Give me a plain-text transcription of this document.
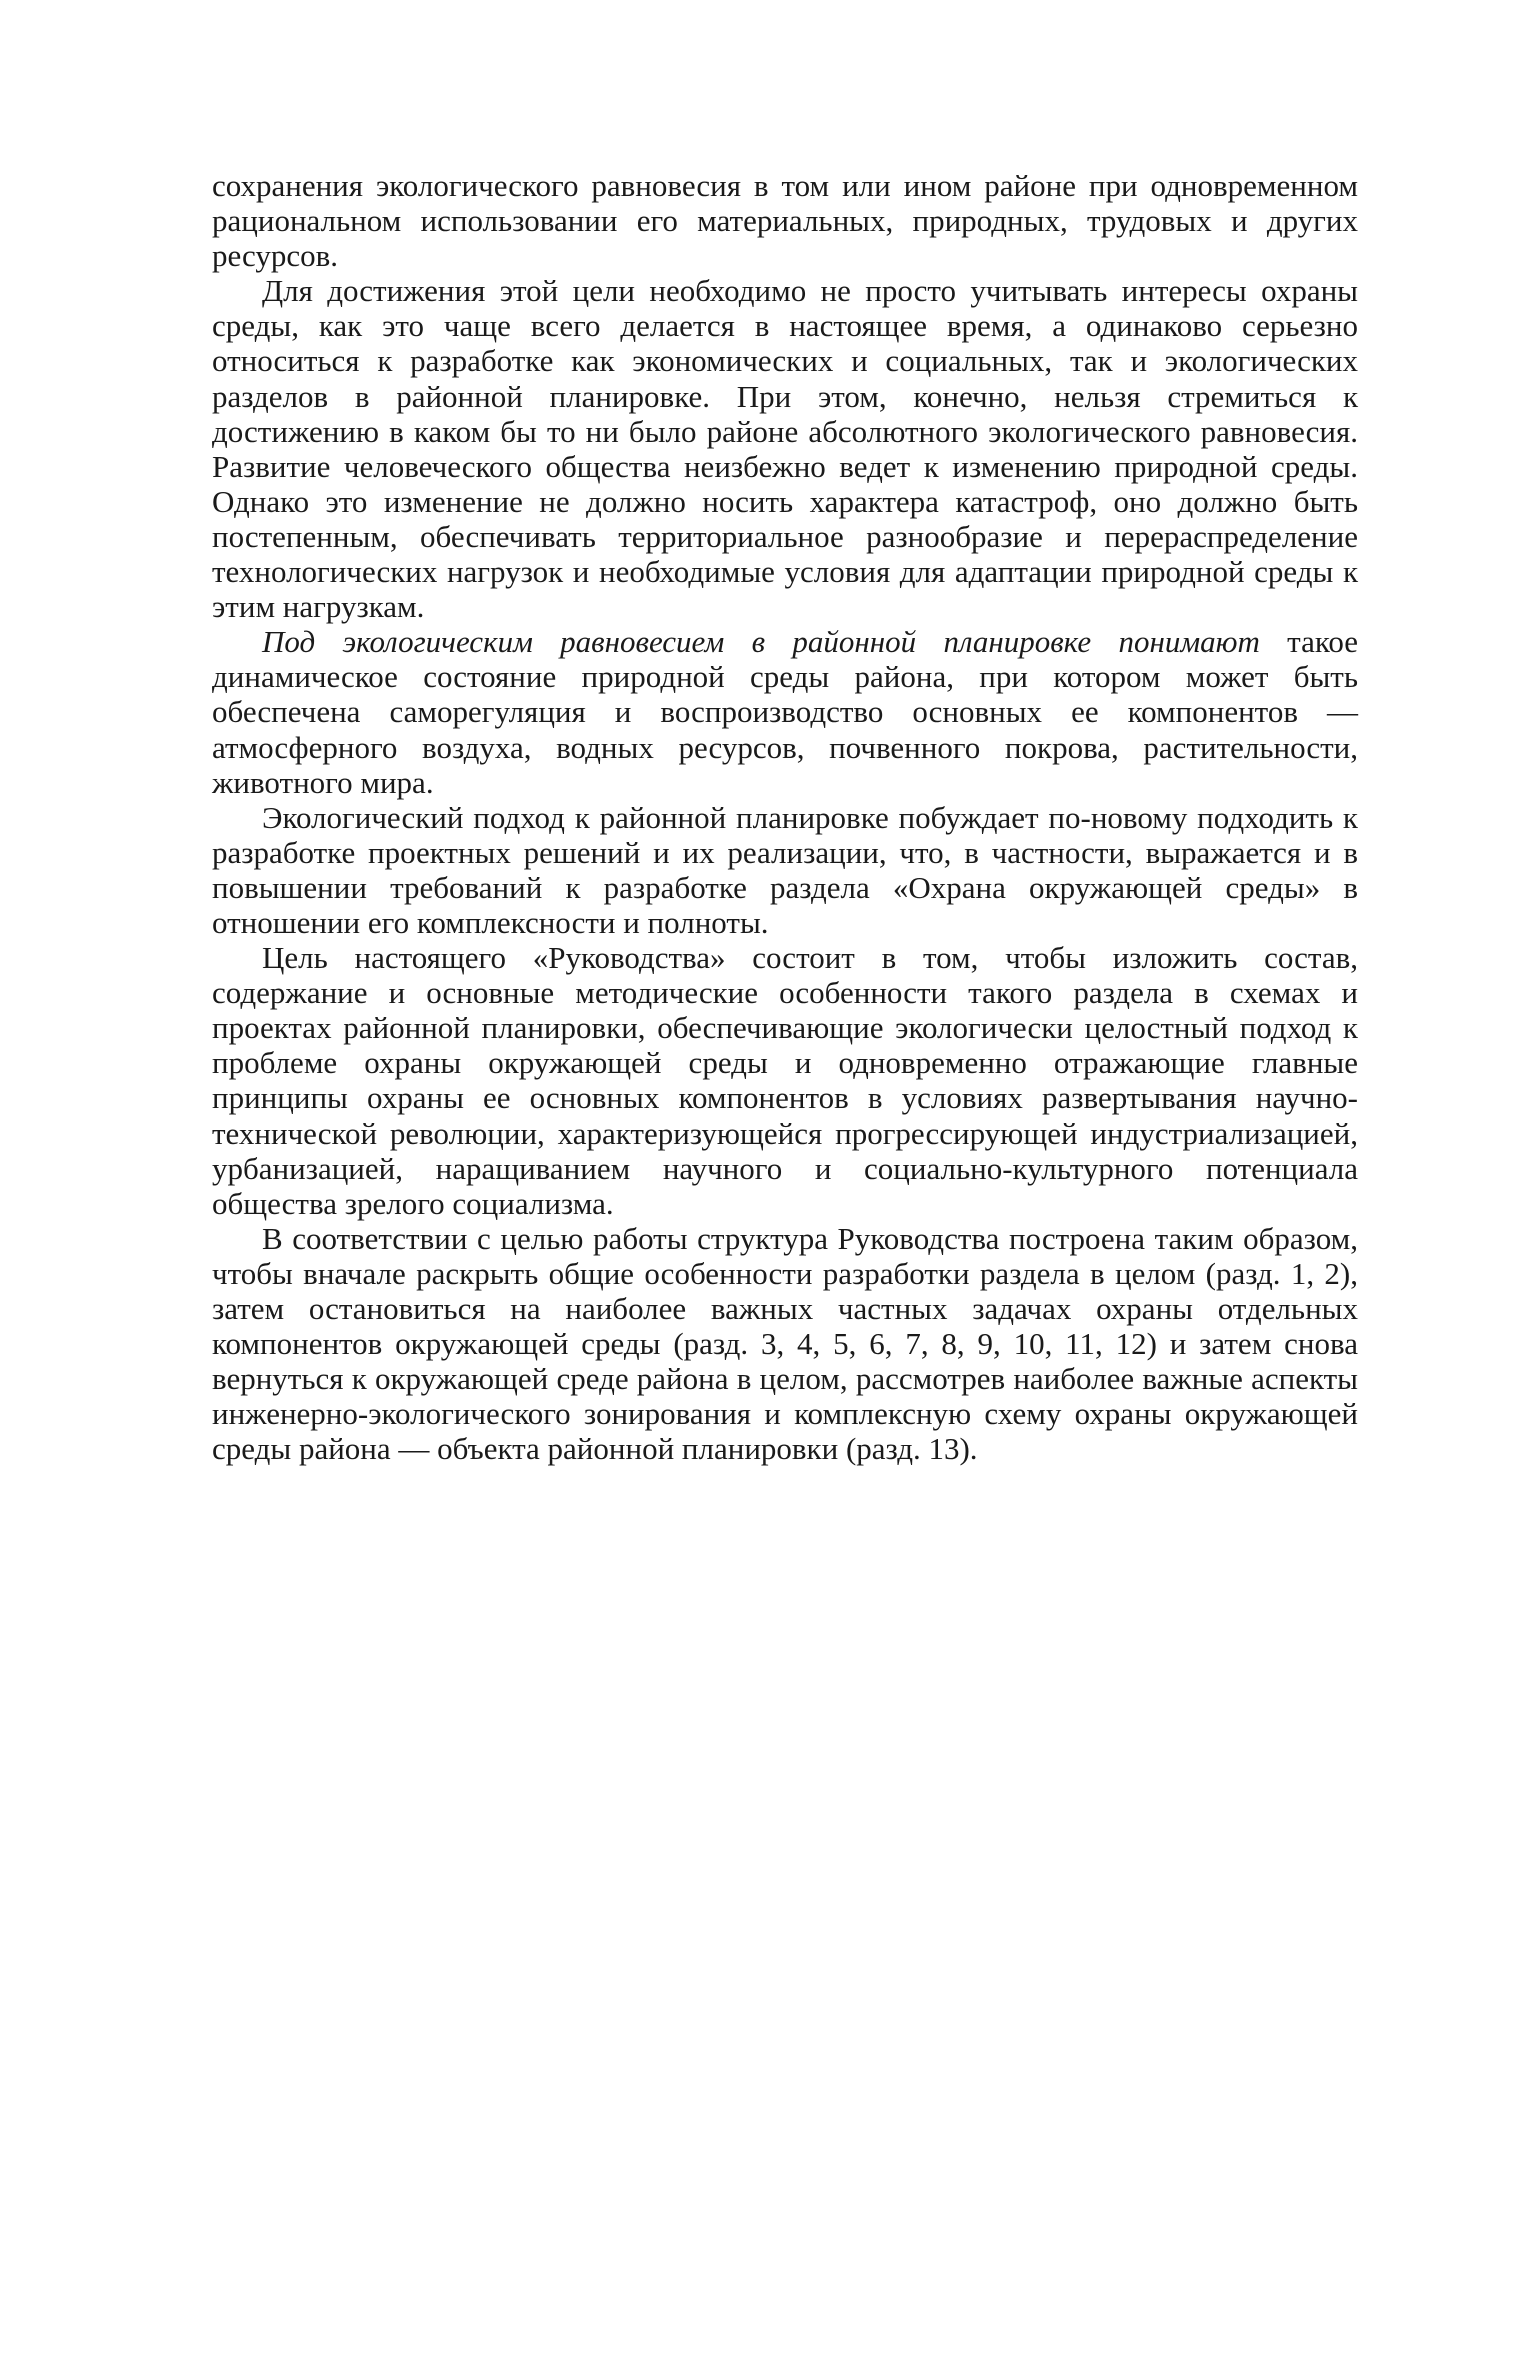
сохранения экологического равновесия в том или ином районе при одновременном рациональном использовании его материальных, природных, трудовых и других ресурсов.

Для достижения этой цели необходимо не просто учитывать интересы охраны среды, как это чаще всего делается в настоящее время, а одинаково серьезно относиться к разработке как экономических и социальных, так и экологических разделов в районной планировке. При этом, конечно, нельзя стремиться к достижению в каком бы то ни было районе абсолютного экологического равновесия. Развитие человеческого общества неизбежно ведет к изменению природной среды. Однако это изменение не должно носить характера катастроф, оно должно быть постепенным, обеспечивать территориальное разнообразие и перераспределение технологических нагрузок и необходимые условия для адаптации природной среды к этим нагрузкам.

Под экологическим равновесием в районной планировке понимают такое динамическое состояние природной среды района, при котором может быть обеспечена саморегуляция и воспроизводство основных ее компонентов — атмосферного воздуха, водных ресурсов, почвенного покрова, растительности, животного мира.

Экологический подход к районной планировке побуждает по-новому подходить к разработке проектных решений и их реализации, что, в частности, выражается и в повышении требований к разработке раздела «Охрана окружающей среды» в отношении его комплексности и полноты.

Цель настоящего «Руководства» состоит в том, чтобы изложить состав, содержание и основные методические особенности такого раздела в схемах и проектах районной планировки, обеспечивающие экологически целостный подход к проблеме охраны окружающей среды и одновременно отражающие главные принципы охраны ее основных компонентов в условиях развертывания научно-технической революции, характеризующейся прогрессирующей индустриализацией, урбанизацией, наращиванием научного и социально-культурного потенциала общества зрелого социализма.

В соответствии с целью работы структура Руководства построена таким образом, чтобы вначале раскрыть общие особенности разработки раздела в целом (разд. 1, 2), затем остановиться на наиболее важных частных задачах охраны отдельных компонентов окружающей среды (разд. 3, 4, 5, 6, 7, 8, 9, 10, 11, 12) и затем снова вернуться к окружающей среде района в целом, рассмотрев наиболее важные аспекты инженерно-экологического зонирования и комплексную схему охраны окружающей среды района — объекта районной планировки (разд. 13).
